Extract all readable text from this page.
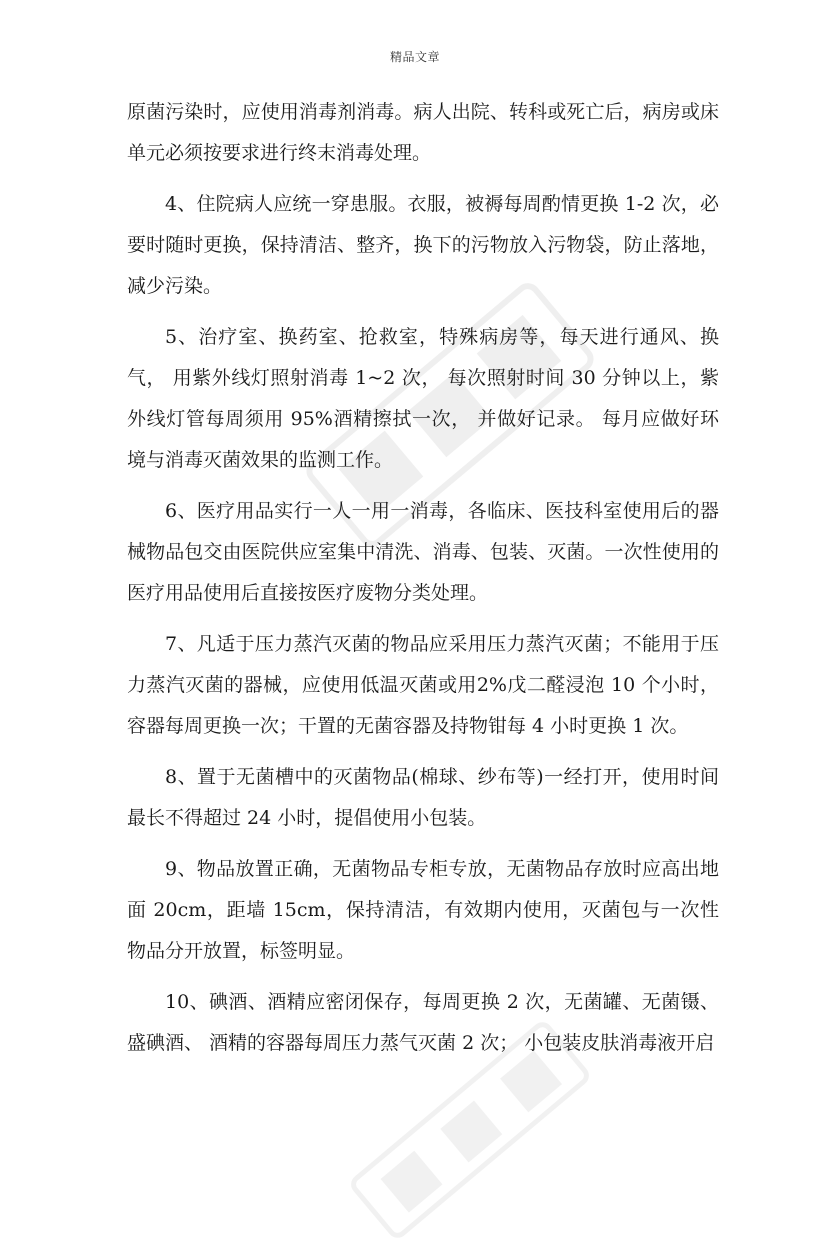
精品文章

原菌污染时，应使用消毒剂消毒。病人出院、转科或死亡后，病房或床单元必须按要求进行终末消毒处理。

4、住院病人应统一穿患服。衣服，被褥每周酌情更换 1-2 次，必要时随时更换，保持清洁、整齐，换下的污物放入污物袋，防止落地，减少污染。

5、治疗室、换药室、抢救室，特殊病房等，每天进行通风、换气， 用紫外线灯照射消毒 1~2 次， 每次照射时间 30 分钟以上，紫外线灯管每周须用 95%酒精擦拭一次， 并做好记录。 每月应做好环境与消毒灭菌效果的监测工作。

6、医疗用品实行一人一用一消毒，各临床、医技科室使用后的器械物品包交由医院供应室集中清洗、消毒、包装、灭菌。一次性使用的医疗用品使用后直接按医疗废物分类处理。

7、凡适于压力蒸汽灭菌的物品应采用压力蒸汽灭菌；不能用于压力蒸汽灭菌的器械，应使用低温灭菌或用2%戊二醛浸泡 10 个小时，容器每周更换一次；干置的无菌容器及持物钳每 4 小时更换 1 次。

8、置于无菌槽中的灭菌物品(棉球、纱布等)一经打开，使用时间最长不得超过 24 小时，提倡使用小包装。

9、物品放置正确，无菌物品专柜专放，无菌物品存放时应高出地面 20cm，距墙 15cm，保持清洁，有效期内使用，灭菌包与一次性物品分开放置，标签明显。

10、碘酒、酒精应密闭保存，每周更换 2 次，无菌罐、无菌镊、盛碘酒、 酒精的容器每周压力蒸气灭菌 2 次； 小包装皮肤消毒液开启
